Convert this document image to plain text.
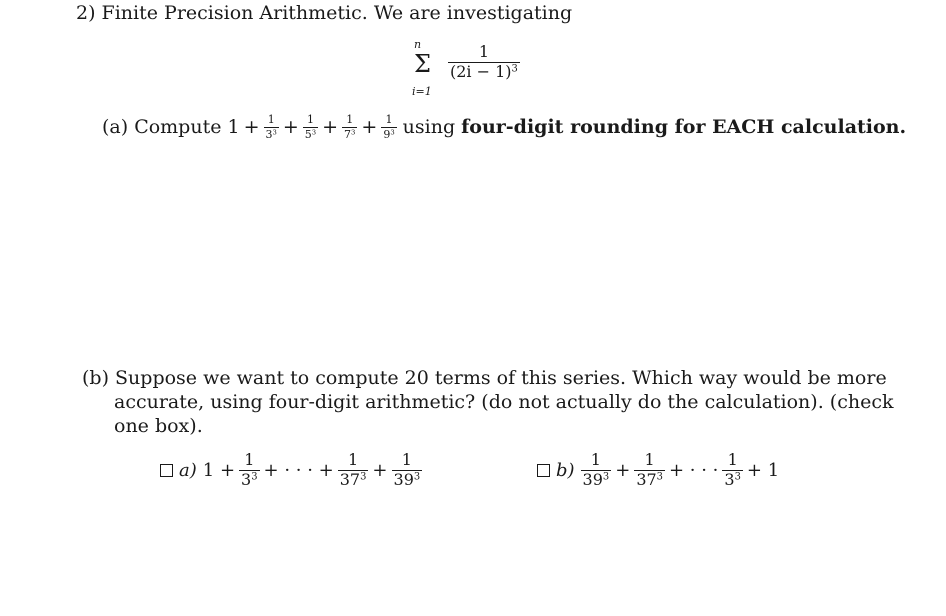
2) Finite Precision Arithmetic. We are investigating
n
Σ
i=1
$\frac{1}{(2i - 1)^3}$
(a) Compute $1 + \frac{1}{3^3} + \frac{1}{5^3} + \frac{1}{7^3} + \frac{1}{9^3}$ using four-digit rounding for EACH calculation.
(b) Suppose we want to compute 20 terms of this series. Which way would be more
accurate, using four-digit arithmetic? (do not actually do the calculation). (check
one box).
a) $1 + \frac{1}{3^3}$ + · · · + $\frac{1}{37^3} + \frac{1}{39^3}$	$b) \frac{1}{39^3} + \frac{1}{37^3}$ + · · · $\frac{1}{3^3} + 1$
